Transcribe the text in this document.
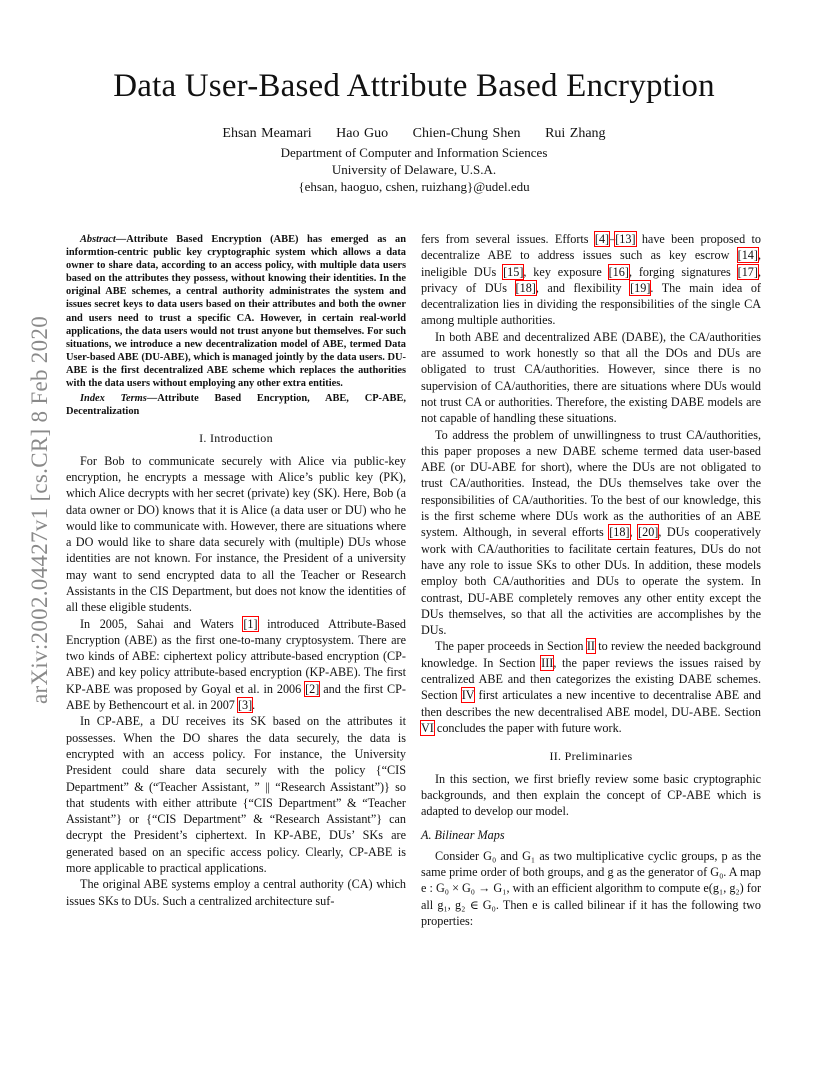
arXiv:2002.04427v1 [cs.CR] 8 Feb 2020
Data User-Based Attribute Based Encryption
Ehsan Meamari Hao Guo Chien-Chung Shen Rui Zhang
Department of Computer and Information Sciences
University of Delaware, U.S.A.
{ehsan, haoguo, cshen, ruizhang}@udel.edu

Abstract—Attribute Based Encryption (ABE) has emerged as an informtion-centric public key cryptographic system which allows a data owner to share data, according to an access policy, with multiple data users based on the attributes they possess, without knowing their identities. In the original ABE schemes, a central authority administrates the system and issues secret keys to data users based on their attributes and both the owner and users need to trust a specific CA. However, in certain real-world applications, the data users would not trust anyone but themselves. For such situations, we introduce a new decentralization model of ABE, termed Data User-based ABE (DU-ABE), which is managed jointly by the data users. DU-ABE is the first decentralized ABE scheme which replaces the authorities with the data users without employing any other extra entities.

Index Terms—Attribute Based Encryption, ABE, CP-ABE, Decentralization

I. Introduction

For Bob to communicate securely with Alice via public-key encryption, he encrypts a message with Alice’s public key (PK), which Alice decrypts with her secret (private) key (SK). Here, Bob (a data owner or DO) knows that it is Alice (a data user or DU) who he would like to communicate with. However, there are situations where a DO would like to share data securely with (multiple) DUs whose identities are not known. For instance, the President of a university may want to send encrypted data to all the Teacher or Research Assistants in the CIS Department, but does not know the identities of all these eligible students.

In 2005, Sahai and Waters [1] introduced Attribute-Based Encryption (ABE) as the first one-to-many cryptosystem. There are two kinds of ABE: ciphertext policy attribute-based encryption (CP-ABE) and key policy attribute-based encryption (KP-ABE). The first KP-ABE was proposed by Goyal et al. in 2006 [2] and the first CP-ABE by Bethencourt et al. in 2007 [3].

In CP-ABE, a DU receives its SK based on the attributes it possesses. When the DO shares the data securely, the data is encrypted with an access policy. For instance, the University President could share data securely with the policy {“CIS Department” & (“Teacher Assistant, ” || “Research Assistant”)} so that students with either attribute {“CIS Department” & “Teacher Assistant”} or {“CIS Department” & “Research Assistant”} can decrypt the President’s ciphertext. In KP-ABE, DUs’ SKs are generated based on an specific access policy. Clearly, CP-ABE is more applicable to practical applications.

The original ABE systems employ a central authority (CA) which issues SKs to DUs. Such a centralized architecture suf-

fers from several issues. Efforts [4]–[13] have been proposed to decentralize ABE to address issues such as key escrow [14], ineligible DUs [15], key exposure [16], forging signatures [17], privacy of DUs [18], and flexibility [19]. The main idea of decentralization lies in dividing the responsibilities of the single CA among multiple authorities.

In both ABE and decentralized ABE (DABE), the CA/authorities are assumed to work honestly so that all the DOs and DUs are obligated to trust CA/authorities. However, since there is no supervision of CA/authorities, there are situations where DUs would not trust CA or authorities. Therefore, the existing DABE models are not capable of handling these situations.

To address the problem of unwillingness to trust CA/authorities, this paper proposes a new DABE scheme termed data user-based ABE (or DU-ABE for short), where the DUs are not obligated to trust CA/authorities. Instead, the DUs themselves take over the responsibilities of CA/authorities. To the best of our knowledge, this is the first scheme where DUs work as the authorities of an ABE system. Although, in several efforts [18], [20], DUs cooperatively work with CA/authorities to facilitate certain features, DUs do not have any role to issue SKs to other DUs. In addition, these models employ both CA/authorities and DUs to operate the system. In contrast, DU-ABE completely removes any other entity except the DUs themselves, so that all the activities are accomplishes by the DUs.

The paper proceeds in Section II to review the needed background knowledge. In Section III, the paper reviews the issues raised by centralized ABE and then categorizes the existing DABE schemes. Section IV first articulates a new incentive to decentralise ABE and then describes the new decentralised ABE model, DU-ABE. Section VI concludes the paper with future work.

II. Preliminaries

In this section, we first briefly review some basic cryptographic backgrounds, and then explain the concept of CP-ABE which is adapted to develop our model.

A. Bilinear Maps

Consider G₀ and G₁ as two multiplicative cyclic groups, p as the same prime order of both groups, and g as the generator of G₀. A map e : G₀ × G₀ → G₁, with an efficient algorithm to compute e(g₁, g₂) for all g₁, g₂ ∈ G₀. Then e is called bilinear if it has the following two properties:
